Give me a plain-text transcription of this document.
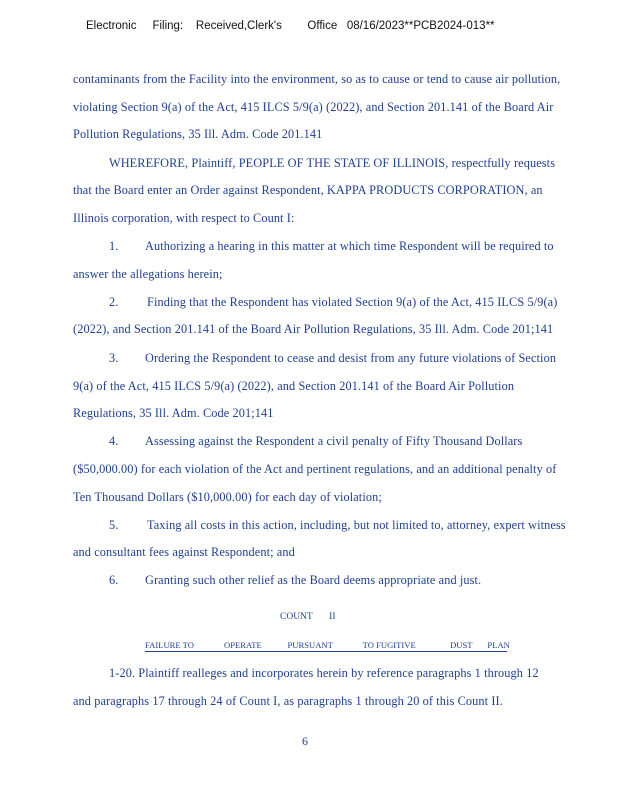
Electronic     Filing:    Received,Clerk's        Office   08/16/2023**PCB2024-013**
contaminants from the Facility into the environment, so as to cause or tend to cause air pollution,
violating Section 9(a) of the Act, 415 ILCS 5/9(a) (2022), and Section 201.141 of the Board Air
Pollution Regulations, 35 Ill. Adm. Code 201.141
WHEREFORE, Plaintiff, PEOPLE OF THE STATE OF ILLINOIS, respectfully requests
that the Board enter an Order against Respondent, KAPPA PRODUCTS CORPORATION, an
Illinois corporation, with respect to Count I:
1. Authorizing a hearing in this matter at which time Respondent will be required to
answer the allegations herein;
2. Finding that the Respondent has violated Section 9(a) of the Act, 415 ILCS 5/9(a)
(2022), and Section 201.141 of the Board Air Pollution Regulations, 35 Ill. Adm. Code 201;141
3. Ordering the Respondent to cease and desist from any future violations of Section
9(a) of the Act, 415 ILCS 5/9(a) (2022), and Section 201.141 of the Board Air Pollution
Regulations, 35 Ill. Adm. Code 201;141
4. Assessing against the Respondent a civil penalty of Fifty Thousand Dollars
($50,000.00) for each violation of the Act and pertinent regulations, and an additional penalty of
Ten Thousand Dollars ($10,000.00) for each day of violation;
5. Taxing all costs in this action, including, but not limited to, attorney, expert witness
and consultant fees against Respondent; and
6. Granting such other relief as the Board deems appropriate and just.
COUNT       II
FAILURE TO              OPERATE            PURSUANT              TO FUGITIVE                DUST       PLAN
1-20. Plaintiff realleges and incorporates herein by reference paragraphs 1 through 12
and paragraphs 17 through 24 of Count I, as paragraphs 1 through 20 of this Count II.
6
